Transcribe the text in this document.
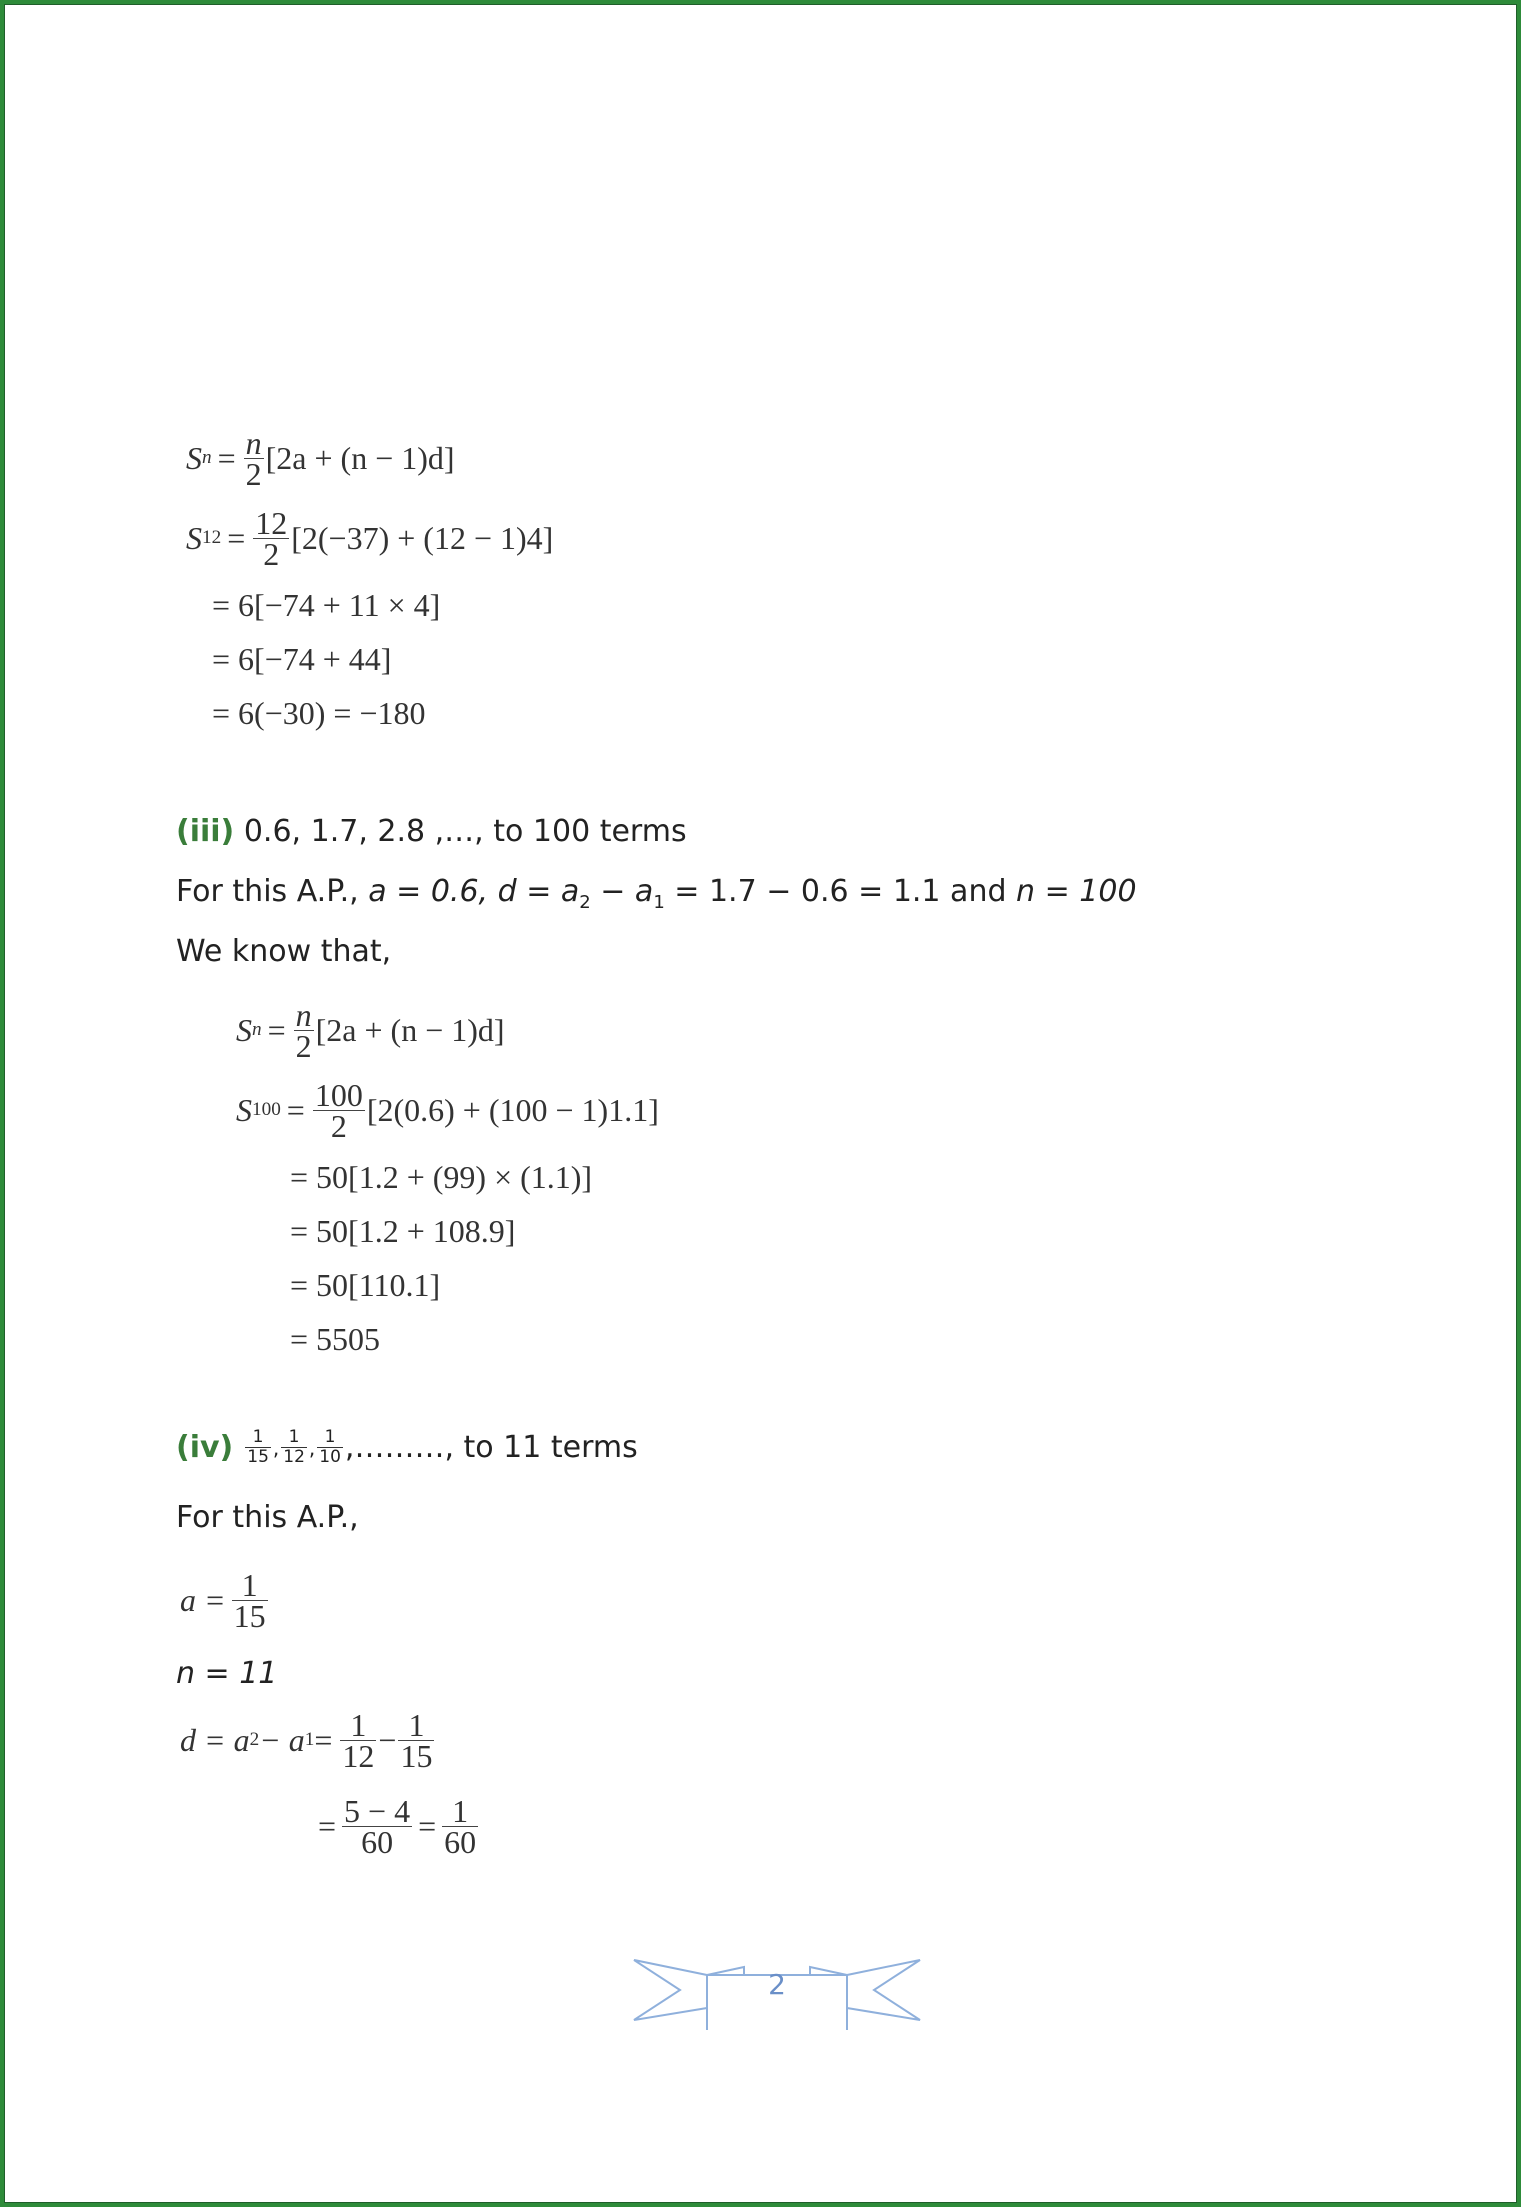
S $n = \frac{n}{2} [2a + (n - 1)d]$
S $12 = \frac{12}{2} [2(-37) + (12 - 1)4]$
= 6[−74 + 11 × 4]
= 6[−74 + 44]
= 6(−30) = −180
(iii) 0.6, 1.7, 2.8 ,…, to 100 terms
For this A.P., a = 0.6, $d = a_2 - a_1 = 1.7 - 0.6 = 1.1$ and n = 100
We know that,
S $n = \frac{n}{2} [2a + (n - 1)d]$
S $100 = \frac{100}{2} [2(0.6) + (100 - 1)1.1]$
= 50[1.2 + (99) × (1.1)]
= 50[1.2 + 108.9]
= 50[110.1]
= 5505
$(iv) \frac{1}{15}$ , $\frac{1}{12}$ , $\frac{1}{10}$ ,………, to 11 terms
For this A.P.,
$a = \frac{1}{15}$
n = 11
d = a 2 − a $1 = \frac{1}{12} - \frac{1}{15}$
= $\frac{5 - 4}{60} = \frac{1}{60}$
2
